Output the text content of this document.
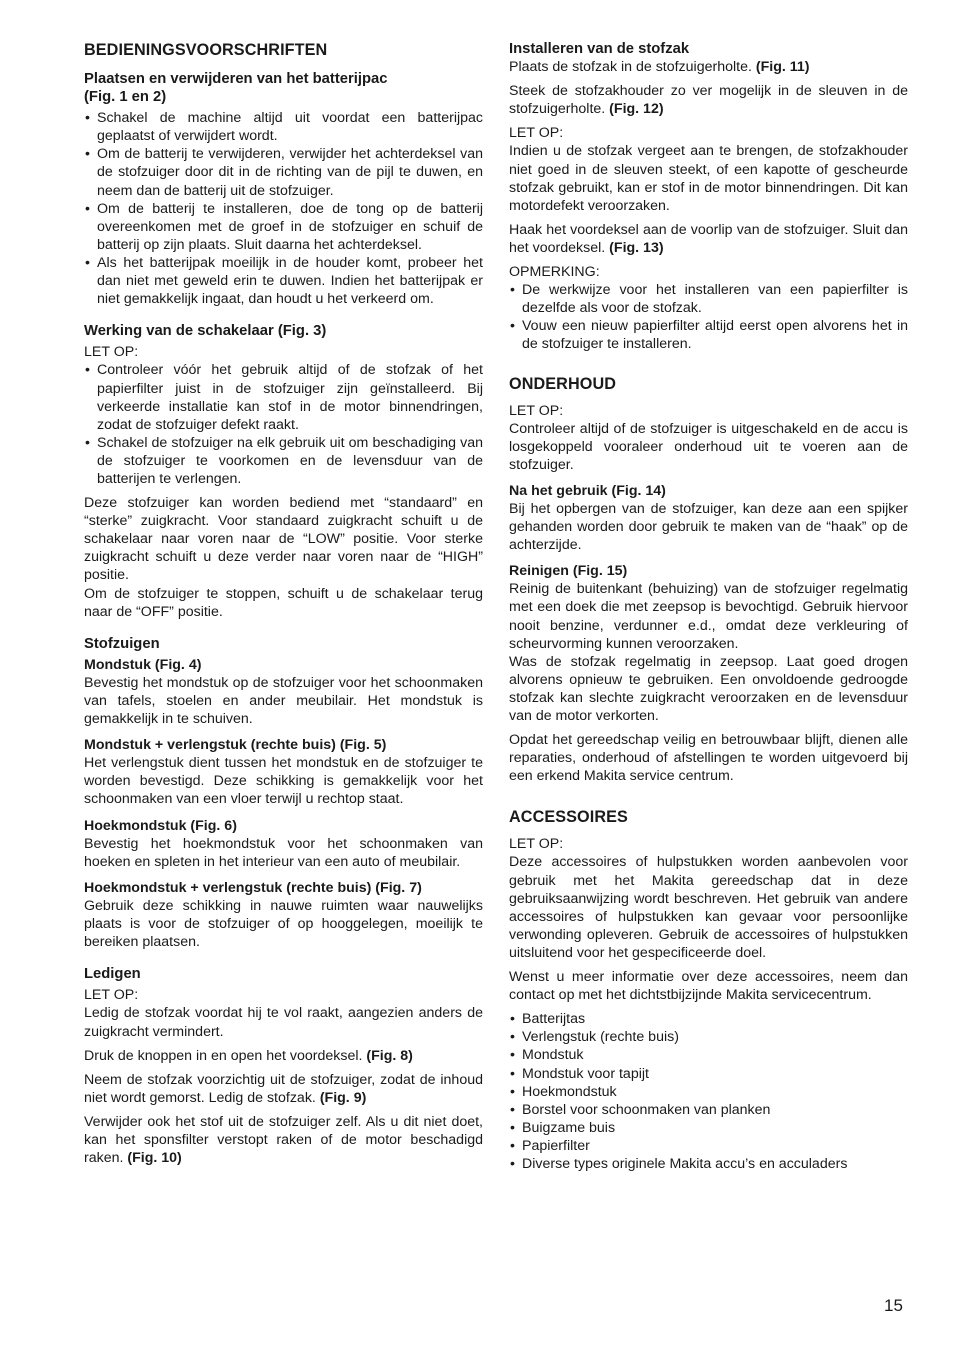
BEDIENINGSVOORSCHRIFTEN
Plaatsen en verwijderen van het batterijpac
(Fig. 1 en 2)
• Schakel de machine altijd uit voordat een batterijpac geplaatst of verwijdert wordt.
• Om de batterij te verwijderen, verwijder het achterdeksel van de stofzuiger door dit in de richting van de pijl te duwen, en neem dan de batterij uit de stofzuiger.
• Om de batterij te installeren, doe de tong op de batterij overeenkomen met de groef in de stofzuiger en schuif de batterij op zijn plaats. Sluit daarna het achterdeksel.
• Als het batterijpak moeilijk in de houder komt, probeer het dan niet met geweld erin te duwen. Indien het batterijpak er niet gemakkelijk ingaat, dan houdt u het verkeerd om.
Werking van de schakelaar (Fig. 3)

LET OP:

• Controleer vóór het gebruik altijd of de stofzak of het papierfilter juist in de stofzuiger zijn geïnstalleerd. Bij verkeerde installatie kan stof in de motor binnendringen, zodat de stofzuiger defekt raakt.
• Schakel de stofzuiger na elk gebruik uit om beschadiging van de stofzuiger te voorkomen en de levensduur van de batterijen te verlengen.

Deze stofzuiger kan worden bediend met “standaard” en “sterke” zuigkracht. Voor standaard zuigkracht schuift u de schakelaar naar voren naar de “LOW” positie. Voor sterke zuigkracht schuift u deze verder naar voren naar de “HIGH” positie.

Om de stofzuiger te stoppen, schuift u de schakelaar terug naar de “OFF” positie.

Stofzuigen
Mondstuk (Fig. 4)

Bevestig het mondstuk op de stofzuiger voor het schoonmaken van tafels, stoelen en ander meubilair. Het mondstuk is gemakkelijk in te schuiven.

Mondstuk + verlengstuk (rechte buis) (Fig. 5)

Het verlengstuk dient tussen het mondstuk en de stofzuiger te worden bevestigd. Deze schikking is gemakkelijk voor het schoonmaken van een vloer terwijl u rechtop staat.

Hoekmondstuk (Fig. 6)

Bevestig het hoekmondstuk voor het schoonmaken van hoeken en spleten in het interieur van een auto of meubilair.

Hoekmondstuk + verlengstuk (rechte buis) (Fig. 7)

Gebruik deze schikking in nauwe ruimten waar nauwelijks plaats is voor de stofzuiger of op hooggelegen, moeilijk te bereiken plaatsen.

Ledigen

LET OP:

Ledig de stofzak voordat hij te vol raakt, aangezien anders de zuigkracht vermindert.

Druk de knoppen in en open het voordeksel. (Fig. 8)

Neem de stofzak voorzichtig uit de stofzuiger, zodat de inhoud niet wordt gemorst. Ledig de stofzak. (Fig. 9)

Verwijder ook het stof uit de stofzuiger zelf. Als u dit niet doet, kan het sponsfilter verstopt raken of de motor beschadigd raken. (Fig. 10)

Installeren van de stofzak

Plaats de stofzak in de stofzuigerholte. (Fig. 11)

Steek de stofzakhouder zo ver mogelijk in de sleuven in de stofzuigerholte. (Fig. 12)

LET OP:

Indien u de stofzak vergeet aan te brengen, de stofzakhouder niet goed in de sleuven steekt, of een kapotte of gescheurde stofzak gebruikt, kan er stof in de motor binnendringen. Dit kan motordefekt veroorzaken.

Haak het voordeksel aan de voorlip van de stofzuiger. Sluit dan het voordeksel. (Fig. 13)

OPMERKING:

• De werkwijze voor het installeren van een papierfilter is dezelfde als voor de stofzak.
• Vouw een nieuw papierfilter altijd eerst open alvorens het in de stofzuiger te installeren.
ONDERHOUD

LET OP:

Controleer altijd of de stofzuiger is uitgeschakeld en de accu is losgekoppeld vooraleer onderhoud uit te voeren aan de stofzuiger.

Na het gebruik (Fig. 14)

Bij het opbergen van de stofzuiger, kan deze aan een spijker gehanden worden door gebruik te maken van de “haak” op de achterzijde.

Reinigen (Fig. 15)

Reinig de buitenkant (behuizing) van de stofzuiger regelmatig met een doek die met zeepsop is bevochtigd. Gebruik hiervoor nooit benzine, verdunner e.d., omdat deze verkleuring of scheurvorming kunnen veroorzaken.

Was de stofzak regelmatig in zeepsop. Laat goed drogen alvorens opnieuw te gebruiken. Een onvoldoende gedroogde stofzak kan slechte zuigkracht veroorzaken en de levensduur van de motor verkorten.

Opdat het gereedschap veilig en betrouwbaar blijft, dienen alle reparaties, onderhoud of afstellingen te worden uitgevoerd bij een erkend Makita service centrum.

ACCESSOIRES

LET OP:

Deze accessoires of hulpstukken worden aanbevolen voor gebruik met het Makita gereedschap dat in deze gebruiksaanwijzing wordt beschreven. Het gebruik van andere accessoires of hulpstukken kan gevaar voor persoonlijke verwonding opleveren. Gebruik de accessoires of hulpstukken uitsluitend voor het gespecificeerde doel.

Wenst u meer informatie over deze accessoires, neem dan contact op met het dichtstbijzijnde Makita servicecentrum.

• Batterijtas
• Verlengstuk (rechte buis)
• Mondstuk
• Mondstuk voor tapijt
• Hoekmondstuk
• Borstel voor schoonmaken van planken
• Buigzame buis
• Papierfilter
• Diverse types originele Makita accu’s en acculaders
15
